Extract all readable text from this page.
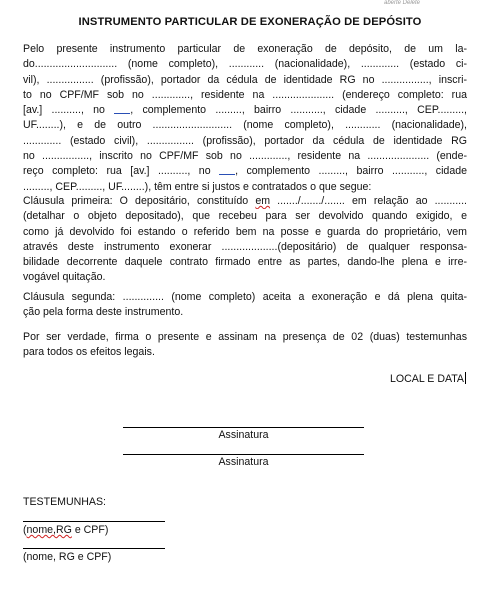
aberte Delete
INSTRUMENTO PARTICULAR DE EXONERAÇÃO DE DEPÓSITO
Pelo presente instrumento particular de exoneração de depósito, de um la-
do............................ (nome completo), ............ (nacionalidade), ............. (estado ci-
vil), ................ (profissão), portador da cédula de identidade RG no ................, inscri-
to no CPF/MF sob no ............., residente na ..................... (endereço completo: rua
[av.] .........., no , complemento ........., bairro ..........., cidade .........., CEP.........,
UF........), e de outro ........................... (nome completo), ............ (nacionalidade),
............. (estado civil), ................ (profissão), portador da cédula de identidade RG
no ................, inscrito no CPF/MF sob no ............., residente na ..................... (ende-
reço completo: rua [av.] .........., no , complemento ........., bairro ..........., cidade
........., CEP........., UF........), têm entre si justos e contratados o que segue:
Cláusula primeira: O depositário, constituído em ......./......./....... em relação ao ...........
(detalhar o objeto depositado), que recebeu para ser devolvido quando exigido, e
como já devolvido foi estando o referido bem na posse e guarda do proprietário, vem
através deste instrumento exonerar ...................(depositário) de qualquer responsa-
bilidade decorrente daquele contrato firmado entre as partes, dando-lhe plena e irre-
vogável quitação.
Cláusula segunda: .............. (nome completo) aceita a exoneração e dá plena quita-
ção pela forma deste instrumento.
Por ser verdade, firma o presente e assinam na presença de 02 (duas) testemunhas
para todos os efeitos legais.
LOCAL E DATA
Assinatura
Assinatura
TESTEMUNHAS:
(nome,RG e CPF)
(nome, RG e CPF)
